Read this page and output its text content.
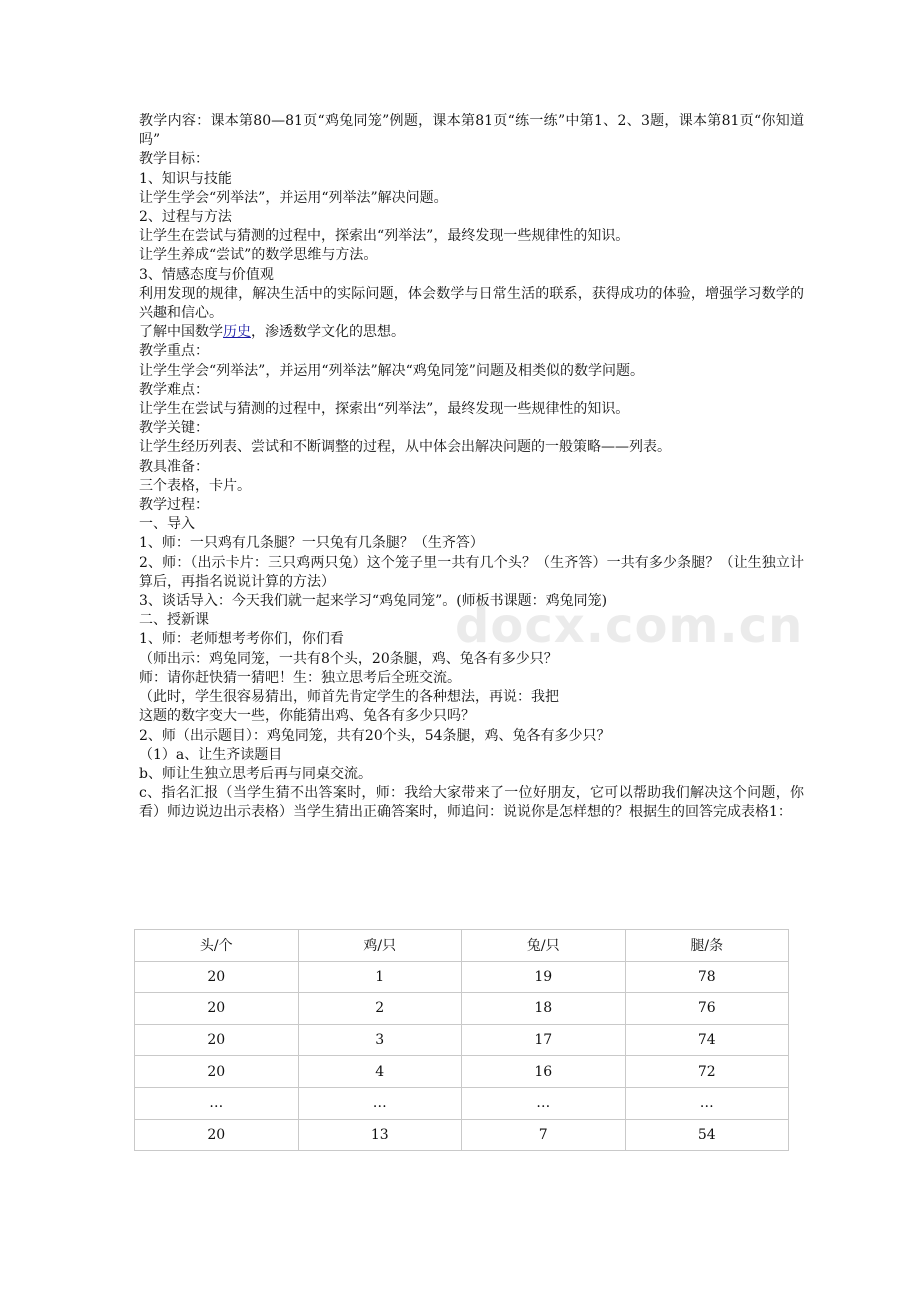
docx.com.cn

教学内容：课本第80—81页“鸡兔同笼”例题，课本第81页“练一练”中第1、2、3题，课本第81页“你知道吗”

教学目标：

1、知识与技能

让学生学会“列举法”，并运用“列举法”解决问题。

2、过程与方法

让学生在尝试与猜测的过程中，探索出“列举法”，最终发现一些规律性的知识。

让学生养成“尝试”的数学思维与方法。

3、情感态度与价值观

利用发现的规律，解决生活中的实际问题，体会数学与日常生活的联系，获得成功的体验，增强学习数学的兴趣和信心。

了解中国数学历史，渗透数学文化的思想。

教学重点：

让学生学会“列举法”，并运用“列举法”解决“鸡兔同笼”问题及相类似的数学问题。

教学难点：

让学生在尝试与猜测的过程中，探索出“列举法”，最终发现一些规律性的知识。

教学关键：

让学生经历列表、尝试和不断调整的过程，从中体会出解决问题的一般策略——列表。

教具准备：

三个表格，卡片。

教学过程：

一、导入

1、师：一只鸡有几条腿？一只兔有几条腿？（生齐答）

2、师：（出示卡片：三只鸡两只兔）这个笼子里一共有几个头？（生齐答）一共有多少条腿？（让生独立计算后，再指名说说计算的方法）

3、谈话导入：今天我们就一起来学习“鸡兔同笼”。(师板书课题：鸡兔同笼)

二、授新课

1、师：老师想考考你们，你们看

（师出示：鸡兔同笼，一共有8个头，20条腿，鸡、兔各有多少只？

师：请你赶快猜一猜吧！生：独立思考后全班交流。

（此时，学生很容易猜出，师首先肯定学生的各种想法，再说：我把

这题的数字变大一些，你能猜出鸡、兔各有多少只吗？

2、师（出示题目）：鸡兔同笼，共有20个头，54条腿，鸡、兔各有多少只？

（1）a、让生齐读题目

b、师让生独立思考后再与同桌交流。

c、指名汇报（当学生猜不出答案时，师：我给大家带来了一位好朋友，它可以帮助我们解决这个问题，你看）师边说边出示表格）当学生猜出正确答案时，师追问：说说你是怎样想的？根据生的回答完成表格1：

头/个	鸡/只	兔/只	腿/条
20	1	19	78
20	2	18	76
20	3	17	74
20	4	16	72
…	…	…	…
20	13	7	54
